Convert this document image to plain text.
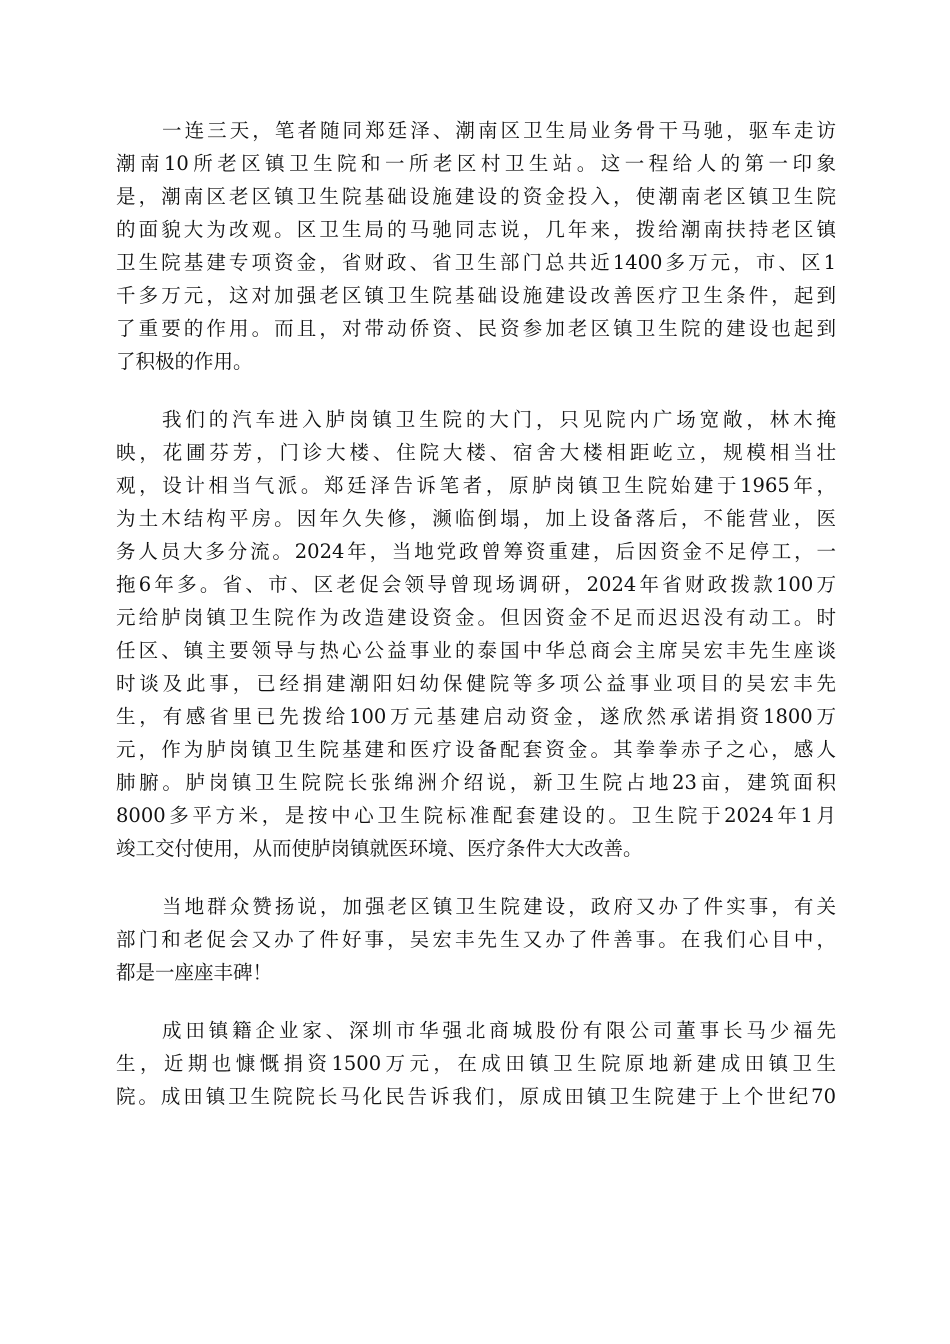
一连三天，笔者随同郑廷泽、潮南区卫生局业务骨干马驰，驱车走访
潮南10所老区镇卫生院和一所老区村卫生站。这一程给人的第一印象
是，潮南区老区镇卫生院基础设施建设的资金投入，使潮南老区镇卫生院
的面貌大为改观。区卫生局的马驰同志说，几年来，拨给潮南扶持老区镇
卫生院基建专项资金，省财政、省卫生部门总共近1400多万元，市、区1
千多万元，这对加强老区镇卫生院基础设施建设改善医疗卫生条件，起到
了重要的作用。而且，对带动侨资、民资参加老区镇卫生院的建设也起到
了积极的作用。
我们的汽车进入胪岗镇卫生院的大门，只见院内广场宽敞，林木掩
映，花圃芬芳，门诊大楼、住院大楼、宿舍大楼相距屹立，规模相当壮
观，设计相当气派。郑廷泽告诉笔者，原胪岗镇卫生院始建于1965年，
为土木结构平房。因年久失修，濒临倒塌，加上设备落后，不能营业，医
务人员大多分流。2024年，当地党政曾筹资重建，后因资金不足停工，一
拖6年多。省、市、区老促会领导曾现场调研，2024年省财政拨款100万
元给胪岗镇卫生院作为改造建设资金。但因资金不足而迟迟没有动工。时
任区、镇主要领导与热心公益事业的泰国中华总商会主席吴宏丰先生座谈
时谈及此事，已经捐建潮阳妇幼保健院等多项公益事业项目的吴宏丰先
生，有感省里已先拨给100万元基建启动资金，遂欣然承诺捐资1800万
元，作为胪岗镇卫生院基建和医疗设备配套资金。其拳拳赤子之心，感人
肺腑。胪岗镇卫生院院长张绵洲介绍说，新卫生院占地23亩，建筑面积
8000多平方米，是按中心卫生院标准配套建设的。卫生院于2024年1月
竣工交付使用，从而使胪岗镇就医环境、医疗条件大大改善。
当地群众赞扬说，加强老区镇卫生院建设，政府又办了件实事，有关
部门和老促会又办了件好事，吴宏丰先生又办了件善事。在我们心目中，
都是一座座丰碑！
成田镇籍企业家、深圳市华强北商城股份有限公司董事长马少福先
生，近期也慷慨捐资1500万元，在成田镇卫生院原地新建成田镇卫生
院。成田镇卫生院院长马化民告诉我们，原成田镇卫生院建于上个世纪70
